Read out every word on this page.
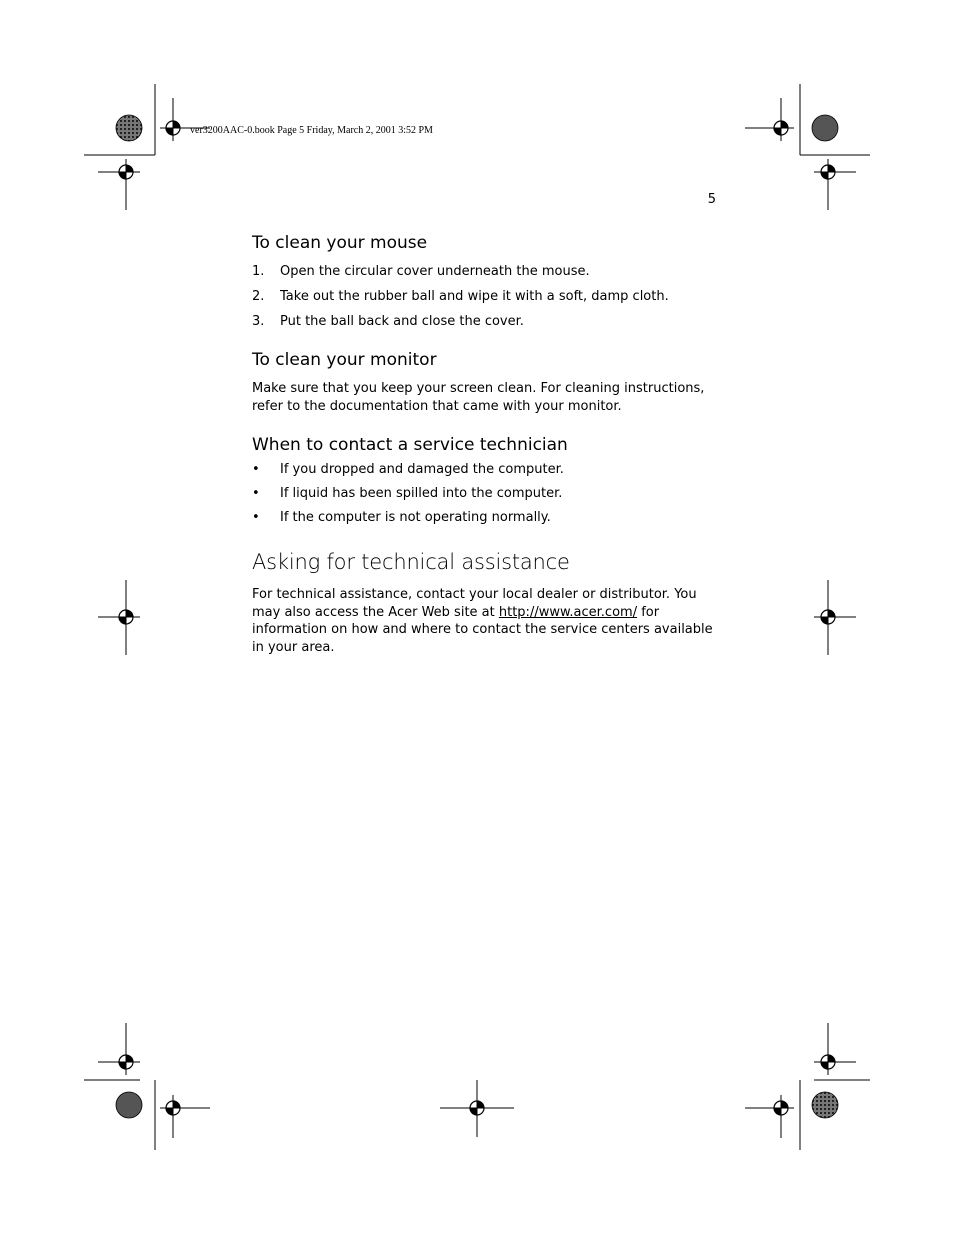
ver3200AAC-0.book Page 5 Friday, March 2, 2001 3:52 PM
5
To clean your mouse
1. Open the circular cover underneath the mouse.
2. Take out the rubber ball and wipe it with a soft, damp cloth.
3. Put the ball back and close the cover.
To clean your monitor

Make sure that you keep your screen clean. For cleaning instructions, refer to the documentation that came with your monitor.

When to contact a service technician
• If you dropped and damaged the computer.
• If liquid has been spilled into the computer.
• If the computer is not operating normally.
Asking for technical assistance

For technical assistance, contact your local dealer or distributor. You may also access the Acer Web site at http://www.acer.com/ for information on how and where to contact the service centers available in your area.
